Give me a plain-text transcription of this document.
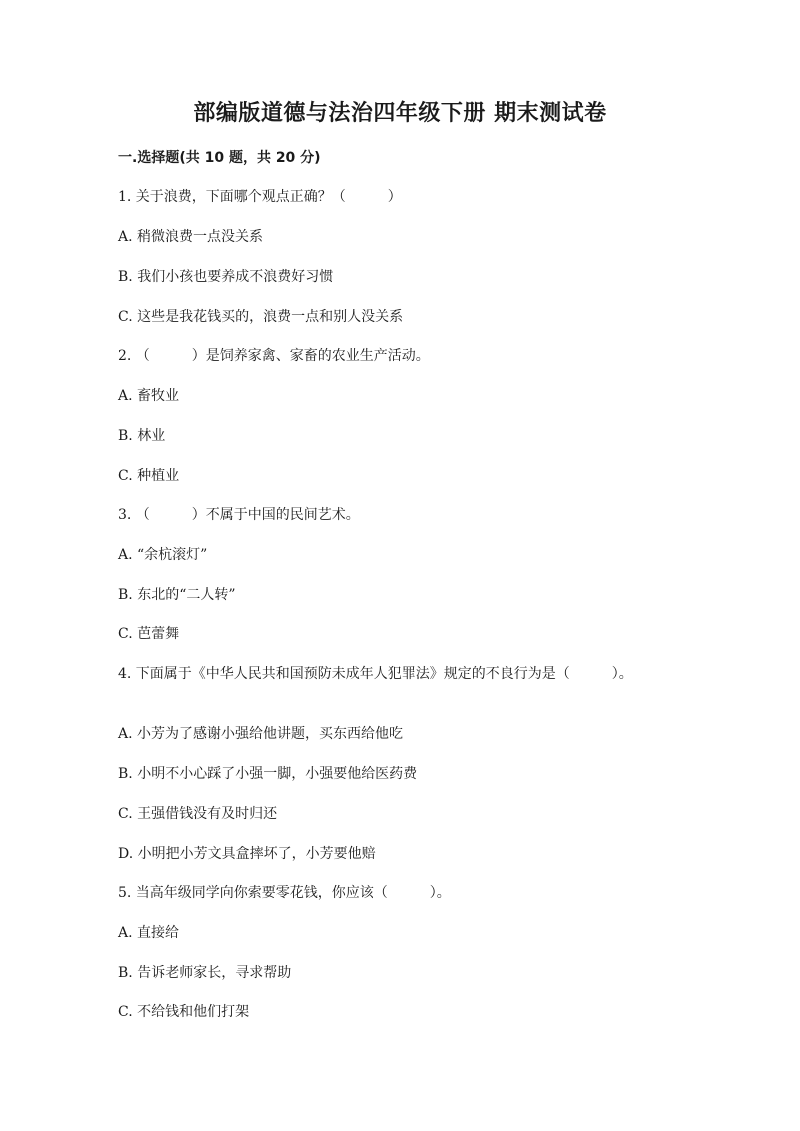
部编版道德与法治四年级下册 期末测试卷
一.选择题(共 10 题，共 20 分)
1. 关于浪费，下面哪个观点正确？（　　　）
A. 稍微浪费一点没关系
B. 我们小孩也要养成不浪费好习惯
C. 这些是我花钱买的，浪费一点和别人没关系
2. （　　　）是饲养家禽、家畜的农业生产活动。
A. 畜牧业
B. 林业
C. 种植业
3. （　　　）不属于中国的民间艺术。
A. “余杭滚灯”
B. 东北的“二人转”
C. 芭蕾舞
4. 下面属于《中华人民共和国预防未成年人犯罪法》规定的不良行为是（　　　）。
A. 小芳为了感谢小强给他讲题，买东西给他吃
B. 小明不小心踩了小强一脚，小强要他给医药费
C. 王强借钱没有及时归还
D. 小明把小芳文具盒摔坏了，小芳要他赔
5. 当高年级同学向你索要零花钱，你应该（　　　）。
A. 直接给
B. 告诉老师家长，寻求帮助
C. 不给钱和他们打架
